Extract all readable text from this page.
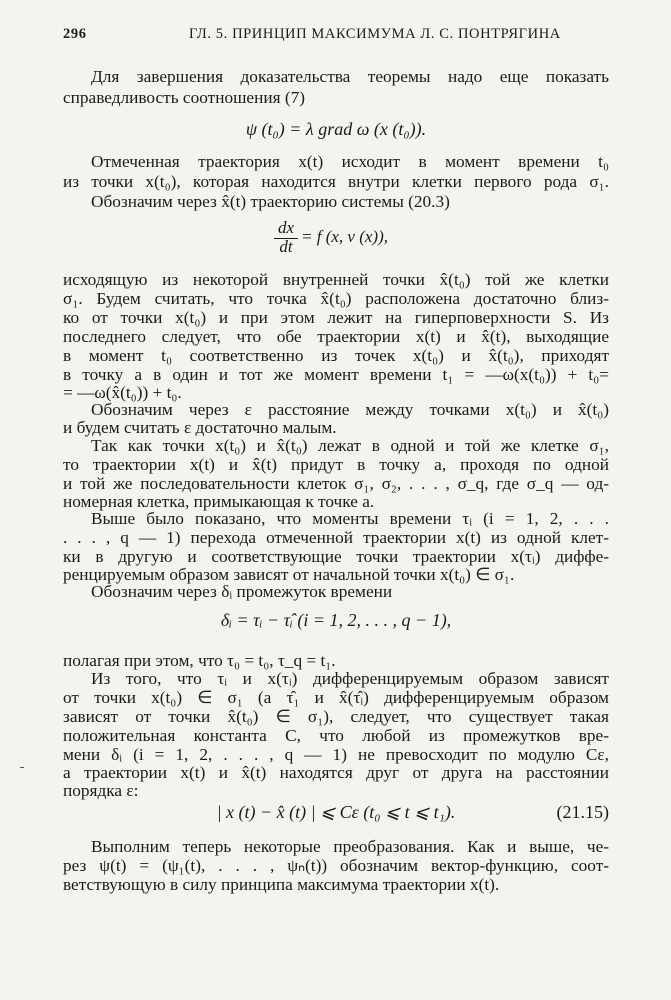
296	ГЛ. 5. ПРИНЦИП МАКСИМУМА Л. С. ПОНТРЯГИНА
Для завершения доказательства теоремы надо еще показать
справедливость соотношения (7)
ψ (t₀) = λ grad ω (x (t₀)).
Отмеченная траектория x(t) исходит в момент времени t₀
из точки x(t₀), которая находится внутри клетки первого рода σ₁.
Обозначим через x̂(t) траекторию системы (20.3)
dx
dt
= f (x, v (x)),
исходящую из некоторой внутренней точки x̂(t₀) той же клетки
σ₁. Будем считать, что точка x̂(t₀) расположена достаточно близ-
ко от точки x(t₀) и при этом лежит на гиперповерхности S. Из
последнего следует, что обе траектории x(t) и x̂(t), выходящие
в момент t₀ соответственно из точек x(t₀) и x̂(t₀), приходят
в точку a в один и тот же момент времени t₁ = —ω(x(t₀)) + t₀=
= —ω(x̂(t₀)) + t₀.
Обозначим через ε расстояние между точками x(t₀) и x̂(t₀)
и будем считать ε достаточно малым.
Так как точки x(t₀) и x̂(t₀) лежат в одной и той же клетке σ₁,
то траектории x(t) и x̂(t) придут в точку a, проходя по одной
и той же последовательности клеток σ₁, σ₂, . . . , σ_q, где σ_q — од-
номерная клетка, примыкающая к точке a.
Выше было показано, что моменты времени τᵢ (i = 1, 2, . . .
. . . , q — 1) перехода отмеченной траектории x(t) из одной клет-
ки в другую и соответствующие точки траектории x(τᵢ) диффе-
ренцируемым образом зависят от начальной точки x(t₀) ∈ σ₁.
Обозначим через δᵢ промежуток времени
δᵢ = τᵢ − τ̂ᵢ (i = 1, 2, . . . , q − 1),
полагая при этом, что τ₀ = t₀, τ_q = t₁.
Из того, что τᵢ и x(τᵢ) дифференцируемым образом зависят
от точки x(t₀) ∈ σ₁ (а τ̂₁ и x̂(τ̂ᵢ) дифференцируемым образом
зависят от точки x̂(t₀) ∈ σ₁), следует, что существует такая
положительная константа C, что любой из промежутков вре-
мени δᵢ (i = 1, 2, . . . , q — 1) не превосходит по модулю Cε,
а траектории x(t) и x̂(t) находятся друг от друга на расстоянии
порядка ε:
| x (t) − x̂ (t) | ⩽ Cε (t₀ ⩽ t ⩽ t₁).	(21.15)
Выполним теперь некоторые преобразования. Как и выше, че-
рез ψ(t) = (ψ₁(t), . . . , ψₙ(t)) обозначим вектор-функцию, соот-
ветствующую в силу принципа максимума траектории x(t).
